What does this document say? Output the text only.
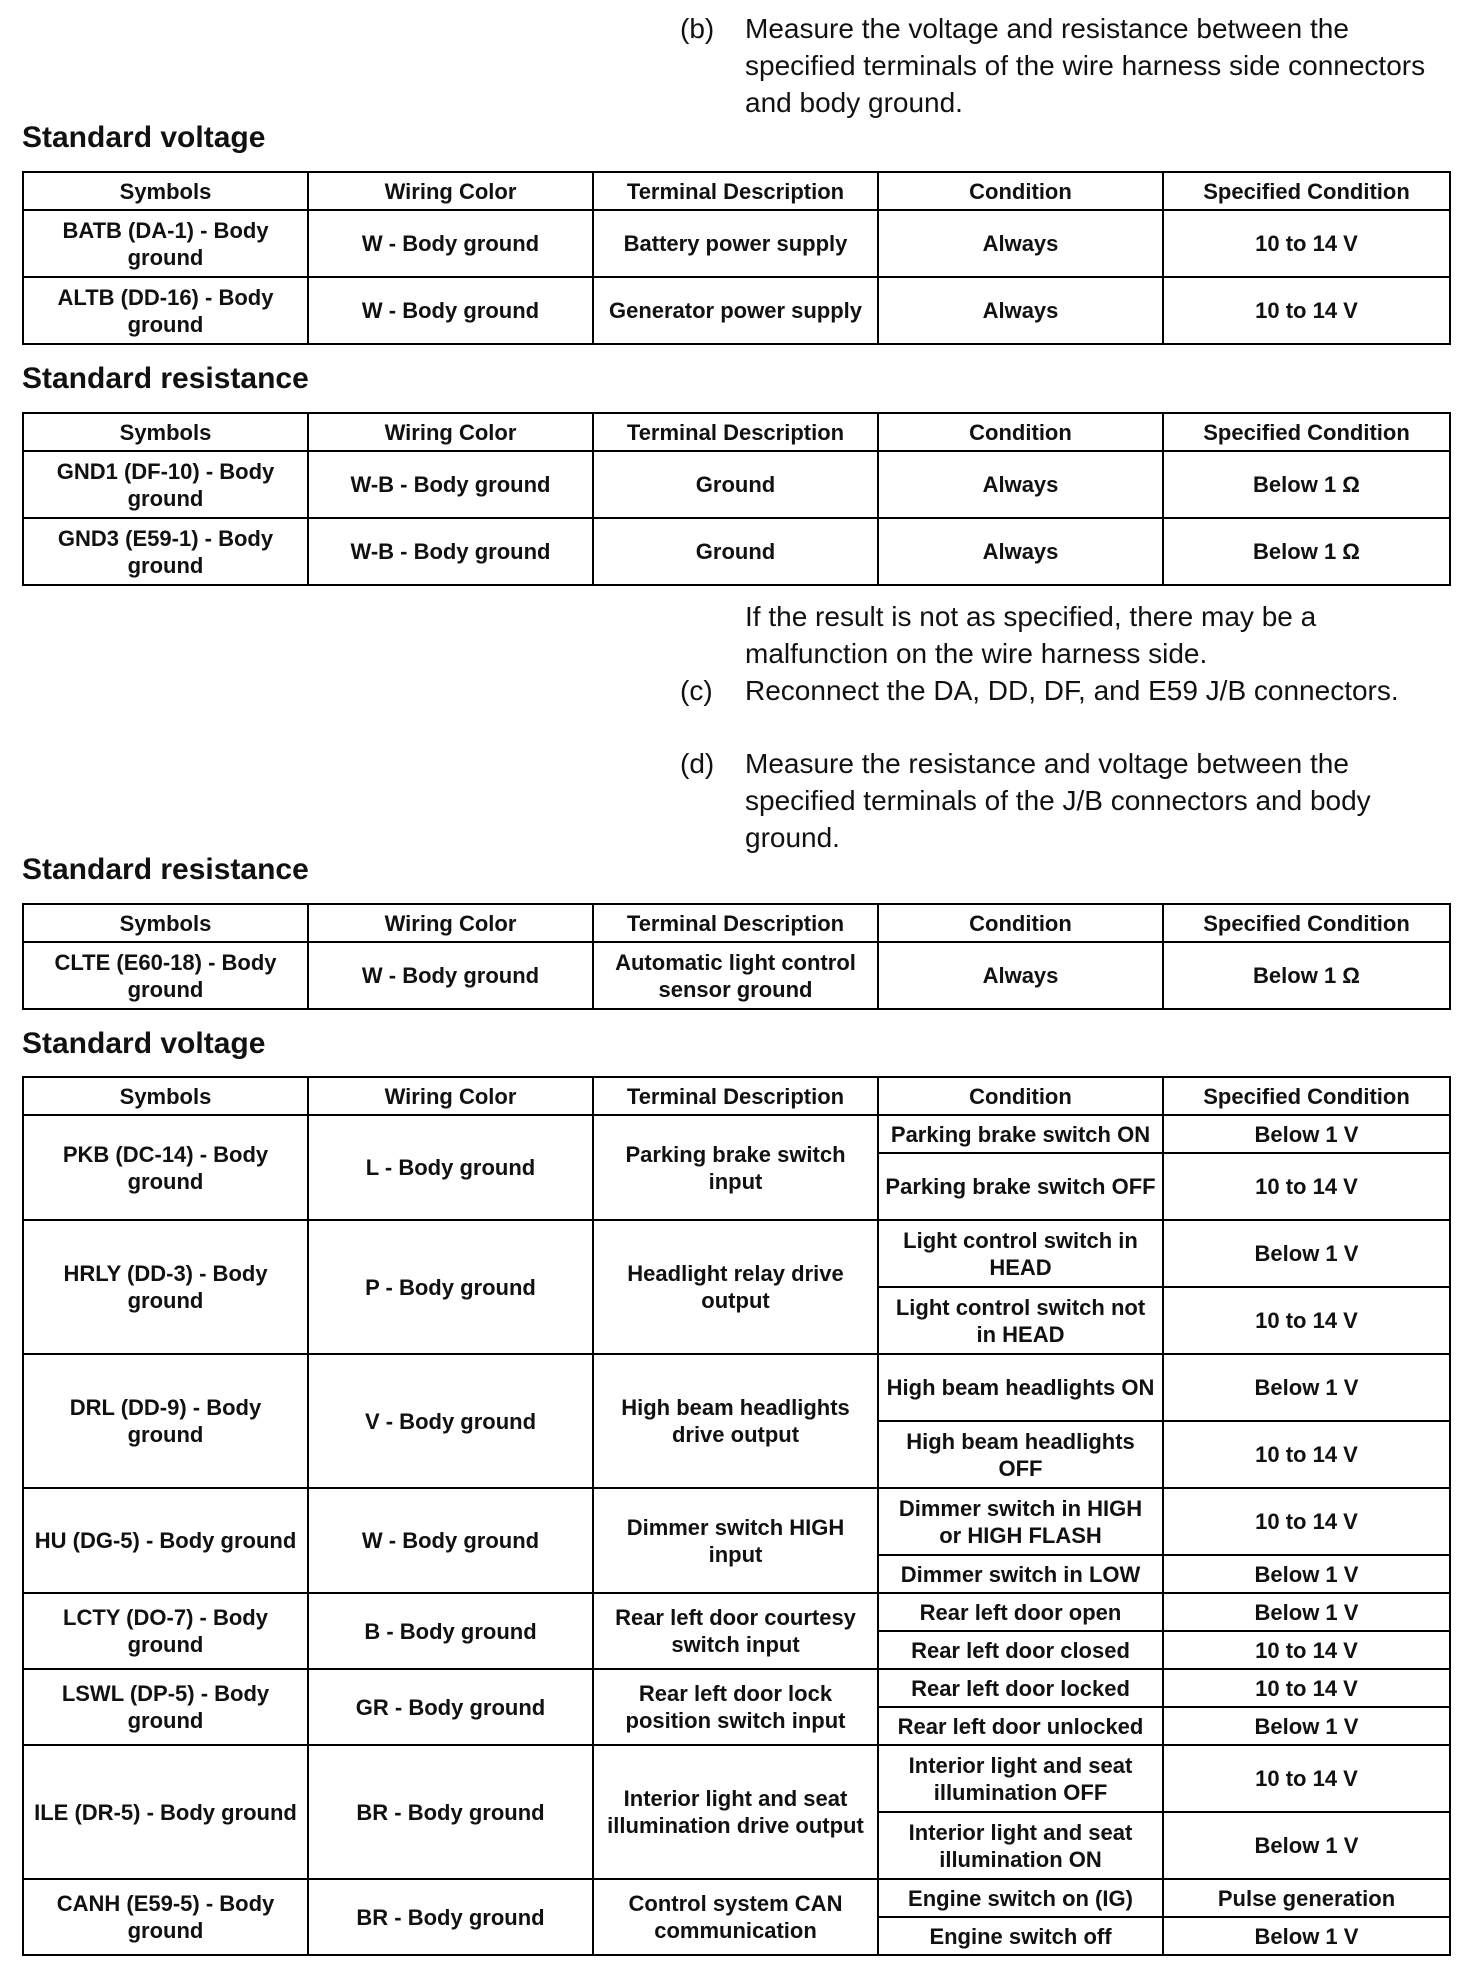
(b)	Measure the voltage and resistance between the specified terminals of the wire harness side connectors and body ground.
Standard voltage
Symbols	Wiring Color	Terminal Description	Condition	Specified Condition
BATB (DA-1) - Body ground	W - Body ground	Battery power supply	Always	10 to 14 V
ALTB (DD-16) - Body ground	W - Body ground	Generator power supply	Always	10 to 14 V
Standard resistance
Symbols	Wiring Color	Terminal Description	Condition	Specified Condition
GND1 (DF-10) - Body ground	W-B - Body ground	Ground	Always	Below 1 Ω
GND3 (E59-1) - Body ground	W-B - Body ground	Ground	Always	Below 1 Ω
If the result is not as specified, there may be a malfunction on the wire harness side.
(c)	Reconnect the DA, DD, DF, and E59 J/B connectors.
(d)	Measure the resistance and voltage between the specified terminals of the J/B connectors and body ground.
Standard resistance
Symbols	Wiring Color	Terminal Description	Condition	Specified Condition
CLTE (E60-18) - Body ground	W - Body ground	Automatic light control sensor ground	Always	Below 1 Ω
Standard voltage
Symbols	Wiring Color	Terminal Description	Condition	Specified Condition
PKB (DC-14) - Body ground	L - Body ground	Parking brake switch input	Parking brake switch ON	Below 1 V
			Parking brake switch OFF	10 to 14 V
HRLY (DD-3) - Body ground	P - Body ground	Headlight relay drive output	Light control switch in HEAD	Below 1 V
			Light control switch not in HEAD	10 to 14 V
DRL (DD-9) - Body ground	V - Body ground	High beam headlights drive output	High beam headlights ON	Below 1 V
			High beam headlights OFF	10 to 14 V
HU (DG-5) - Body ground	W - Body ground	Dimmer switch HIGH input	Dimmer switch in HIGH or HIGH FLASH	10 to 14 V
			Dimmer switch in LOW	Below 1 V
LCTY (DO-7) - Body ground	B - Body ground	Rear left door courtesy switch input	Rear left door open	Below 1 V
			Rear left door closed	10 to 14 V
LSWL (DP-5) - Body ground	GR - Body ground	Rear left door lock position switch input	Rear left door locked	10 to 14 V
			Rear left door unlocked	Below 1 V
ILE (DR-5) - Body ground	BR - Body ground	Interior light and seat illumination drive output	Interior light and seat illumination OFF	10 to 14 V
			Interior light and seat illumination ON	Below 1 V
CANH (E59-5) - Body ground	BR - Body ground	Control system CAN communication	Engine switch on (IG)	Pulse generation
			Engine switch off	Below 1 V
